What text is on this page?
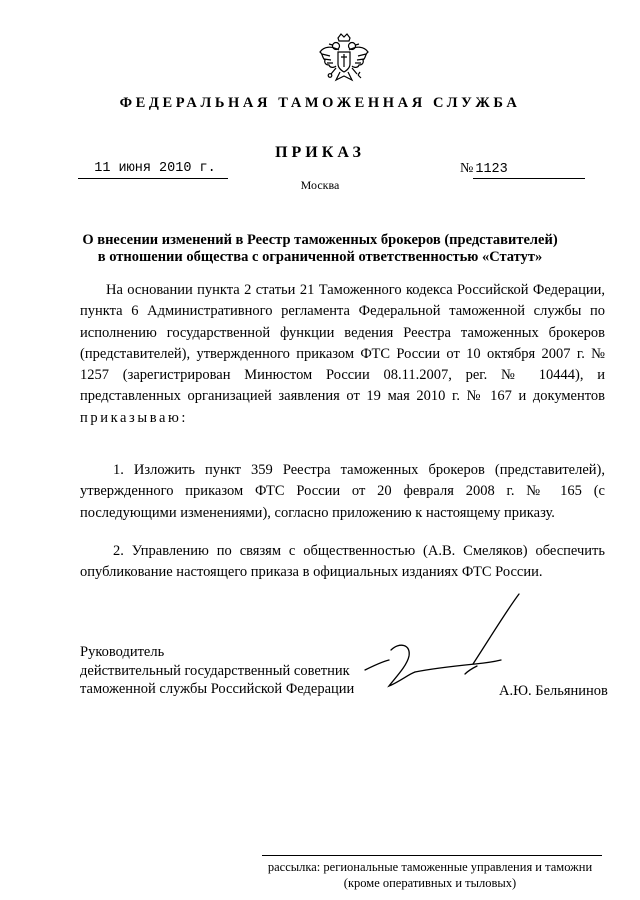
ФЕДЕРАЛЬНАЯ ТАМОЖЕННАЯ СЛУЖБА
ПРИКАЗ
11 июня 2010 г.	№ 1123
Москва
О внесении изменений в Реестр таможенных брокеров (представителей)
в отношении общества с ограниченной ответственностью «Статут»

На основании пункта 2 статьи 21 Таможенного кодекса Российской Федерации, пункта 6 Административного регламента Федеральной таможенной службы по исполнению государственной функции ведения Реестра таможенных брокеров (представителей), утвержденного приказом ФТС России от 10 октября 2007 г. № 1257 (зарегистрирован Минюстом России 08.11.2007, рег. № 10444), и представленных организацией заявления от 19 мая 2010 г. № 167 и документов приказываю:

1. Изложить пункт 359 Реестра таможенных брокеров (представителей), утвержденного приказом ФТС России от 20 февраля 2008 г. № 165 (с последующими изменениями), согласно приложению к настоящему приказу.

2. Управлению по связям с общественностью (А.В. Смеляков) обеспечить опубликование настоящего приказа в официальных изданиях ФТС России.

Руководитель
действительный государственный советник
таможенной службы Российской Федерации	А.Ю. Бельянинов
рассылка: региональные таможенные управления и таможни
(кроме оперативных и тыловых)
